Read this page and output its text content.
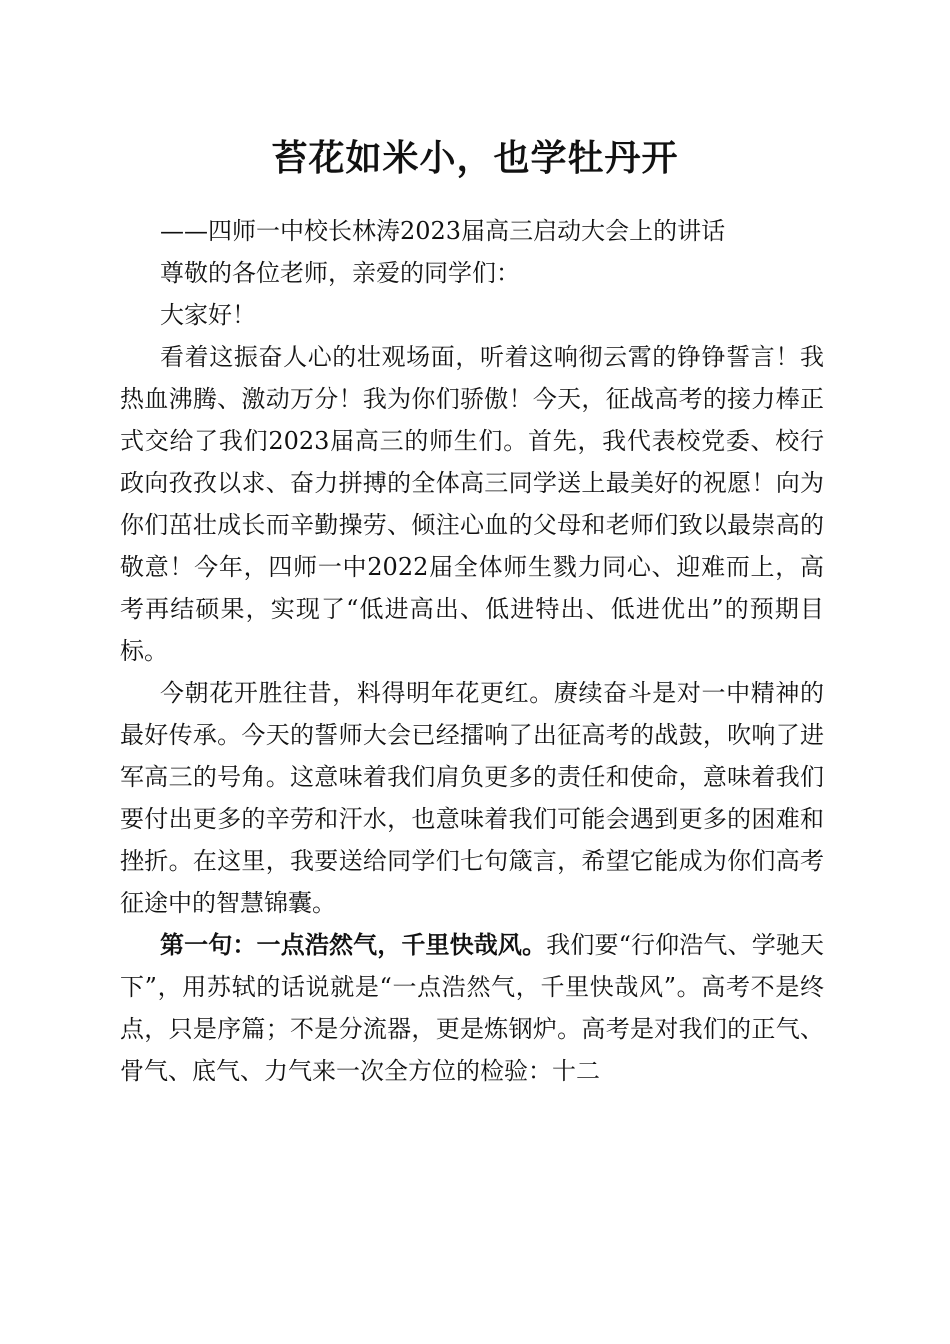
苔花如米小，也学牡丹开
——四师一中校长林涛2023届高三启动大会上的讲话
尊敬的各位老师，亲爱的同学们：
大家好！

看着这振奋人心的壮观场面，听着这响彻云霄的铮铮誓言！我热血沸腾、激动万分！我为你们骄傲！今天，征战高考的接力棒正式交给了我们2023届高三的师生们。首先，我代表校党委、校行政向孜孜以求、奋力拼搏的全体高三同学送上最美好的祝愿！向为你们茁壮成长而辛勤操劳、倾注心血的父母和老师们致以最崇高的敬意！今年，四师一中2022届全体师生戮力同心、迎难而上，高考再结硕果，实现了“低进高出、低进特出、低进优出”的预期目标。

今朝花开胜往昔，料得明年花更红。赓续奋斗是对一中精神的最好传承。今天的誓师大会已经擂响了出征高考的战鼓，吹响了进军高三的号角。这意味着我们肩负更多的责任和使命，意味着我们要付出更多的辛劳和汗水，也意味着我们可能会遇到更多的困难和挫折。在这里，我要送给同学们七句箴言，希望它能成为你们高考征途中的智慧锦囊。

第一句：一点浩然气，千里快哉风。我们要“行仰浩气、学驰天下”，用苏轼的话说就是“一点浩然气，千里快哉风”。高考不是终点，只是序篇；不是分流器，更是炼钢炉。高考是对我们的正气、骨气、底气、力气来一次全方位的检验：十二
